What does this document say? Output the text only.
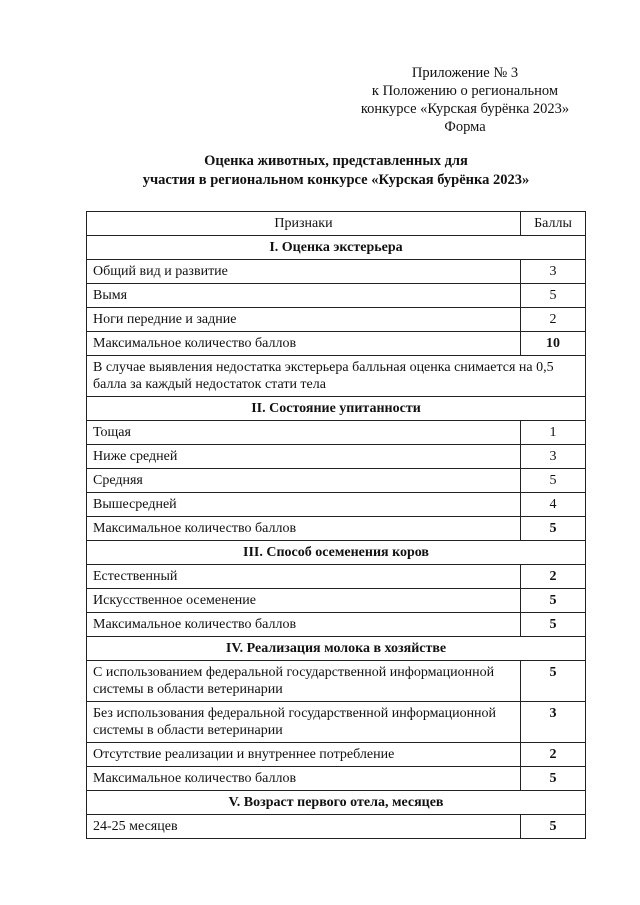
Приложение № 3
к Положению о региональном
конкурсе «Курская бурёнка 2023»
Форма
Оценка животных, представленных для
участия в региональном конкурсе «Курская бурёнка 2023»
Признаки	Баллы
I. Оценка экстерьера	
Общий вид и развитие	3
Вымя	5
Ноги передние и задние	2
Максимальное количество баллов	10
В случае выявления недостатка экстерьера балльная оценка снимается на 0,5 балла за каждый недостаток стати тела	
II. Состояние упитанности	
Тощая	1
Ниже средней	3
Средняя	5
Вышесредней	4
Максимальное количество баллов	5
III. Способ осеменения коров	
Естественный	2
Искусственное осеменение	5
Максимальное количество баллов	5
IV. Реализация молока в хозяйстве	
С использованием федеральной государственной информационной системы в области ветеринарии	5
Без использования федеральной государственной информационной системы в области ветеринарии	3
Отсутствие реализации и внутреннее потребление	2
Максимальное количество баллов	5
V. Возраст первого отела, месяцев	
24-25 месяцев	5
